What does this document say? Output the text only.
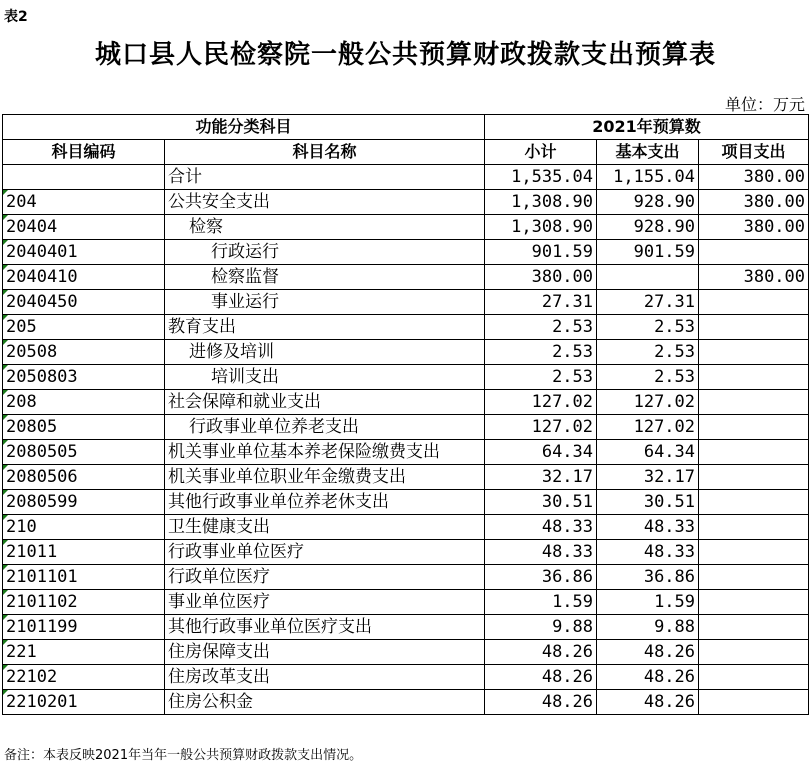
表2
城口县人民检察院一般公共预算财政拨款支出预算表
单位：万元
功能分类科目		2021年预算数		
科目编码	科目名称	小计	基本支出	项目支出
	合计	1,535.04	1,155.04	380.00

204	公共安全支出	1,308.90	928.90	380.00

20404	检察	1,308.90	928.90	380.00

2040401	行政运行	901.59	901.59	

2040410	检察监督	380.00		380.00

2040450	事业运行	27.31	27.31	

205	教育支出	2.53	2.53	

20508	进修及培训	2.53	2.53	

2050803	培训支出	2.53	2.53	

208	社会保障和就业支出	127.02	127.02	

20805	行政事业单位养老支出	127.02	127.02	

2080505	机关事业单位基本养老保险缴费支出	64.34	64.34	

2080506	机关事业单位职业年金缴费支出	32.17	32.17	

2080599	其他行政事业单位养老休支出	30.51	30.51	

210	卫生健康支出	48.33	48.33	

21011	行政事业单位医疗	48.33	48.33	

2101101	行政单位医疗	36.86	36.86	

2101102	事业单位医疗	1.59	1.59	

2101199	其他行政事业单位医疗支出	9.88	9.88	

221	住房保障支出	48.26	48.26	

22102	住房改革支出	48.26	48.26	

2210201	住房公积金	48.26	48.26	
备注：本表反映2021年当年一般公共预算财政拨款支出情况。
